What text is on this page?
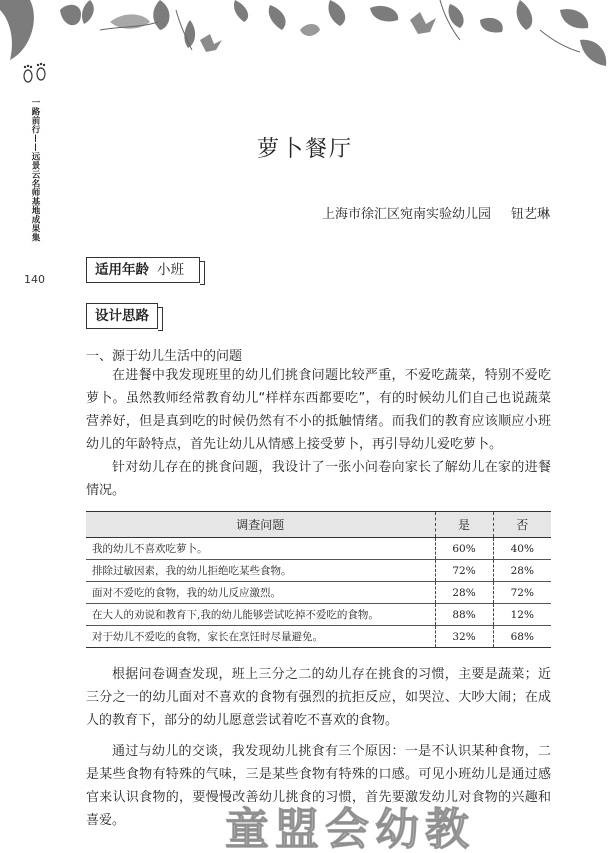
一路前行——远景云名师基地成果集
140
萝卜餐厅
上海市徐汇区宛南实验幼儿园 钮艺琳
适用年龄 小班
设计思路
一、源于幼儿生活中的问题

在进餐中我发现班里的幼儿们挑食问题比较严重，不爱吃蔬菜，特别不爱吃萝卜。虽然教师经常教育幼儿“样样东西都要吃”，有的时候幼儿们自己也说蔬菜营养好，但是真到吃的时候仍然有不小的抵触情绪。而我们的教育应该顺应小班幼儿的年龄特点，首先让幼儿从情感上接受萝卜，再引导幼儿爱吃萝卜。

针对幼儿存在的挑食问题，我设计了一张小问卷向家长了解幼儿在家的进餐情况。

调查问题	是	否
我的幼儿不喜欢吃萝卜。	60%	40%
排除过敏因素，我的幼儿拒绝吃某些食物。	72%	28%
面对不爱吃的食物，我的幼儿反应激烈。	28%	72%
在大人的劝说和教育下,我的幼儿能够尝试吃掉不爱吃的食物。	88%	12%
对于幼儿不爱吃的食物，家长在烹饪时尽量避免。	32%	68%

根据问卷调查发现，班上三分之二的幼儿存在挑食的习惯，主要是蔬菜；近三分之一的幼儿面对不喜欢的食物有强烈的抗拒反应，如哭泣、大吵大闹；在成人的教育下，部分的幼儿愿意尝试着吃不喜欢的食物。

通过与幼儿的交谈，我发现幼儿挑食有三个原因：一是不认识某种食物，二是某些食物有特殊的气味，三是某些食物有特殊的口感。可见小班幼儿是通过感官来认识食物的，要慢慢改善幼儿挑食的习惯，首先要激发幼儿对食物的兴趣和喜爱。	童盟会幼教
